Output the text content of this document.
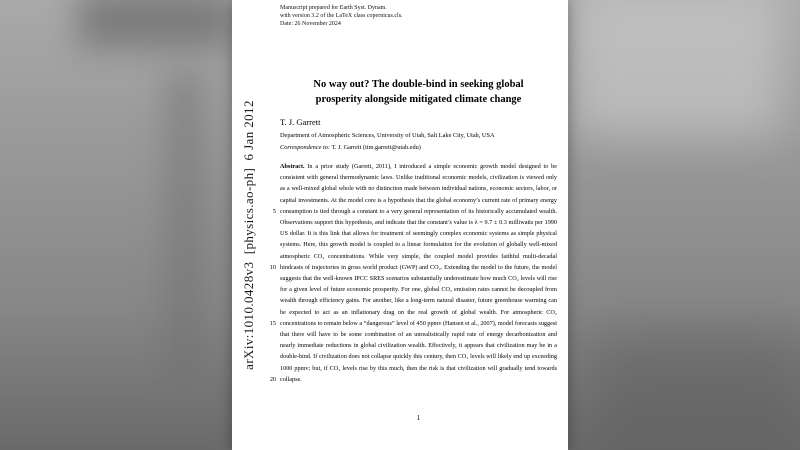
arXiv:1010.0428v3  [physics.ao-ph]  6 Jan 2012
Manuscript prepared for Earth Syst. Dynam.
with version 3.2 of the LaTeX class copernicus.cls.
Date: 26 November 2024
No way out? The double-bind in seeking global prosperity alongside mitigated climate change
T. J. Garrett
Department of Atmospheric Sciences, University of Utah, Salt Lake City, Utah, USA
Correspondence to: T. J. Garrett (tim.garrett@utah.edu)
5
10
15
20

Abstract. In a prior study (Garrett, 2011), I introduced a simple economic growth model designed to be consistent with general thermodynamic laws. Unlike traditional economic models, civilization is viewed only as a well-mixed global whole with no distinction made between individual nations, economic sectors, labor, or capital investments. At the model core is a hypothesis that the global economy’s current rate of primary energy consumption is tied through a constant to a very general representation of its historically accumulated wealth. Observations support this hypothesis, and indicate that the constant’s value is λ = 9.7 ± 0.3 milliwatts per 1990 US dollar. It is this link that allows for treatment of seemingly complex economic systems as simple physical systems. Here, this growth model is coupled to a linear formulation for the evolution of globally well-mixed atmospheric CO₂ concentrations. While very simple, the coupled model provides faithful multi-decadal hindcasts of trajectories in gross world product (GWP) and CO₂. Extending the model to the future, the model suggests that the well-known IPCC SRES scenarios substantially underestimate how much CO₂ levels will rise for a given level of future economic prosperity. For one, global CO₂ emission rates cannot be decoupled from wealth through efficiency gains. For another, like a long-term natural disaster, future greenhouse warming can be expected to act as an inflationary drag on the real growth of global wealth. For atmospheric CO₂ concentrations to remain below a “dangerous” level of 450 ppmv (Hansen et al., 2007), model forecasts suggest that there will have to be some combination of an unrealistically rapid rate of energy decarbonization and nearly immediate reductions in global civilization wealth. Effectively, it appears that civilization may be in a double-bind. If civilization does not collapse quickly this century, then CO₂ levels will likely end up exceeding 1000 ppmv; but, if CO₂ levels rise by this much, then the risk is that civilization will gradually tend towards collapse.

1
